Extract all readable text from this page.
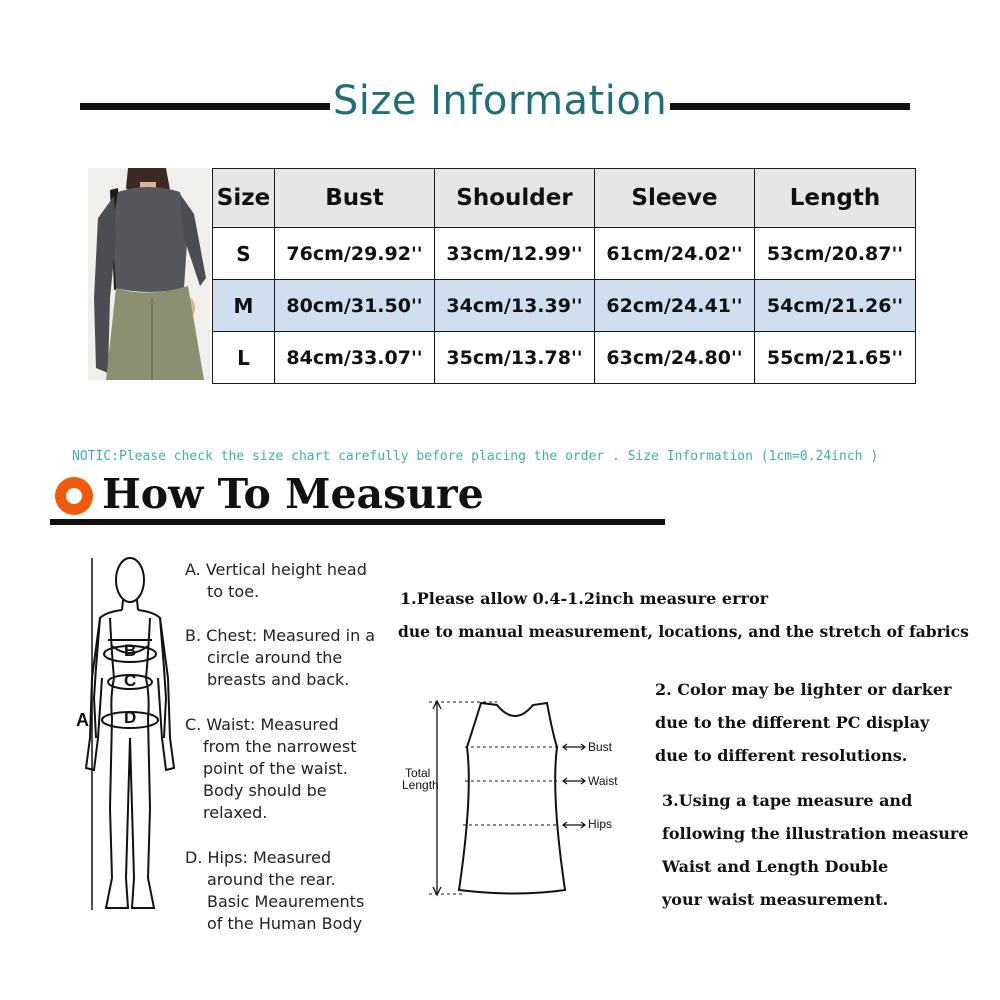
Size Information
Size	Bust	Shoulder	Sleeve	Length
S	76cm/29.92''	33cm/12.99''	61cm/24.02''	53cm/20.87''
M	80cm/31.50''	34cm/13.39''	62cm/24.41''	54cm/21.26''
L	84cm/33.07''	35cm/13.78''	63cm/24.80''	55cm/21.65''
NOTIC:Please check the size chart carefully before placing the order . Size Information (1cm=0.24inch )
How To Measure
A
B
C
D
A. Vertical height head
to toe.
B. Chest: Measured in a
circle around the
breasts and back.
C. Waist: Measured
from the narrowest
point of the waist.
Body should be
relaxed.
D. Hips: Measured
around the rear.
Basic Meaurements
of the Human Body
1.Please allow 0.4-1.2inch measure error
due to manual measurement, locations, and the stretch of fabrics
Bust
Waist
Hips
Total
Length
2. Color may be lighter or darker
due to the different PC display
due to different resolutions.
3.Using a tape measure and
following the illustration measure
Waist and Length Double
your waist measurement.
